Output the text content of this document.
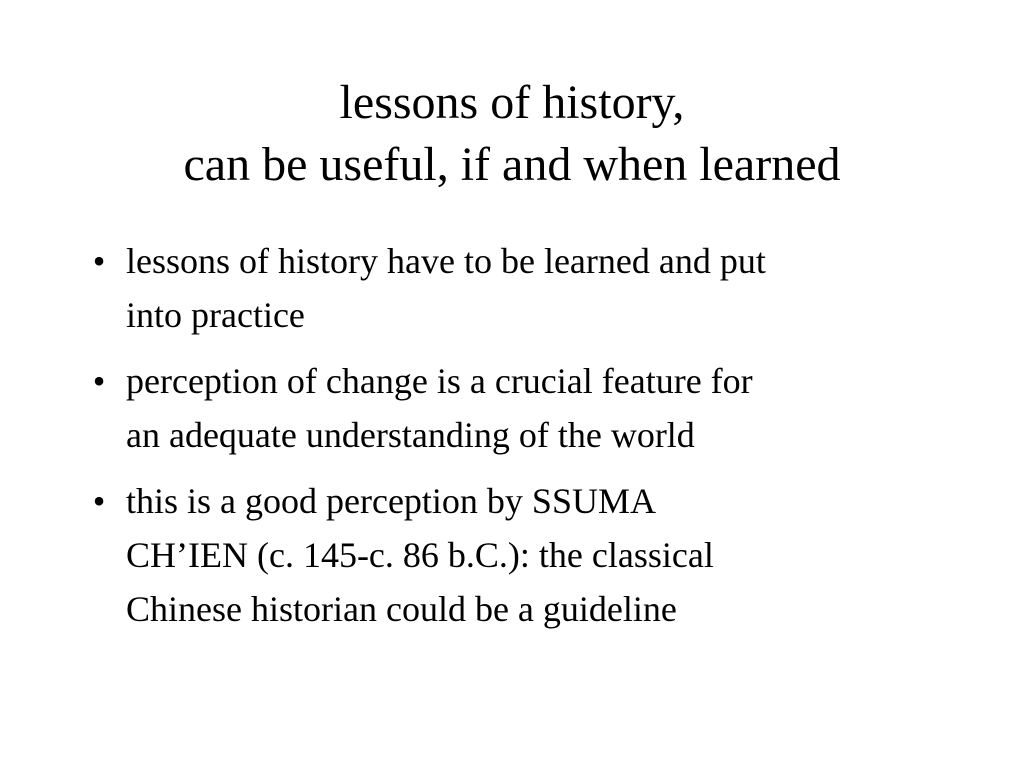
lessons of history,
can be useful, if and when learned
• lessons of history have to be learned and put
into practice
• perception of change is a crucial feature for
an adequate understanding of the world
• this is a good perception by SSUMA
CH’IEN (c. 145-c. 86 b.C.): the classical
Chinese historian could be a guideline
